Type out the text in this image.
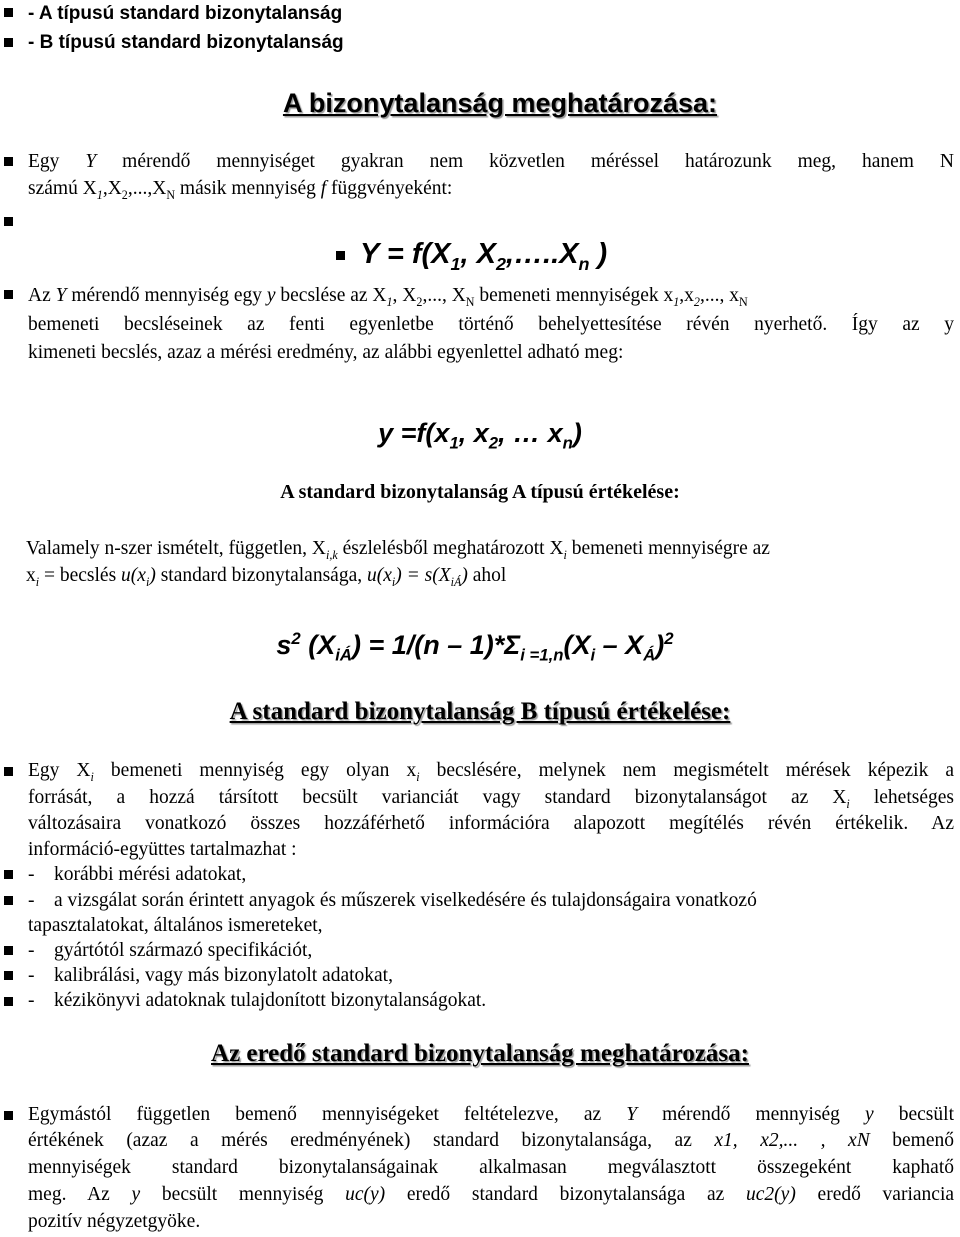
- A típusú standard bizonytalanság
- B típusú standard bizonytalanság
A bizonytalanság meghatározása:
Egy Y mérendő mennyiséget gyakran nem közvetlen méréssel határozunk meg, hanem N
számú $X_1,X_2,...,X_N$ másik mennyiség f függvényeként:
$Y = f(X_1$, $X_2,\dots..X_n$ )
Az Y mérendő mennyiség egy y becslése az $X_1$, $X_2$,..., $X_N$ bemeneti mennyiségek $x_1,x_2$,..., $x_N$
bemeneti becsléseinek az fenti egyenletbe történő behelyettesítése révén nyerhető. Így az y
kimeneti becslés, azaz a mérési eredmény, az alábbi egyenlettel adható meg:
$y =f(x_1$, $x_2$, … $x_n$)
A standard bizonytalanság A típusú értékelése:
Valamely n-szer ismételt, független, $X_{i,k}$ észlelésből meghatározott $X_i$ bemeneti mennyiségre az
$x_i$ = becslés $u(x_i)$ standard bizonytalansága, $u(x_i) = s(X_{iÁ})$ ahol
$s^2$ $(X_{iÁ}) = 1/(n - 1)*\Sigma_{i =1,n}(X_i - X_Á)^2$
A standard bizonytalanság B típusú értékelése:
Egy $X_i$ bemeneti mennyiség egy olyan $x_i$ becslésére, melynek nem megismételt mérések képezik a
forrását, a hozzá társított becsült varianciát vagy standard bizonytalanságot az $X_i$ lehetséges
változásaira vonatkozó összes hozzáférhető információra alapozott megítélés révén értékelik. Az
információ-együttes tartalmazhat :
-    korábbi mérési adatokat,
-    a vizsgálat során érintett anyagok és műszerek viselkedésére és tulajdonságaira vonatkozó
tapasztalatokat, általános ismereteket,
-    gyártótól származó specifikációt,
-    kalibrálási, vagy más bizonylatolt adatokat,
-    kézikönyvi adatoknak tulajdonított bizonytalanságokat.
Az eredő standard bizonytalanság meghatározása:
Egymástól független bemenő mennyiségeket feltételezve, az Y mérendő mennyiség y becsült
értékének (azaz a mérés eredményének) standard bizonytalansága, az x1, x2,... , xN bemenő
mennyiségek standard bizonytalanságainak alkalmasan megválasztott összegeként kaphatő
meg. Az y becsült mennyiség uc(y) eredő standard bizonytalansága az uc2(y) eredő variancia
pozitív négyzetgyöke.
